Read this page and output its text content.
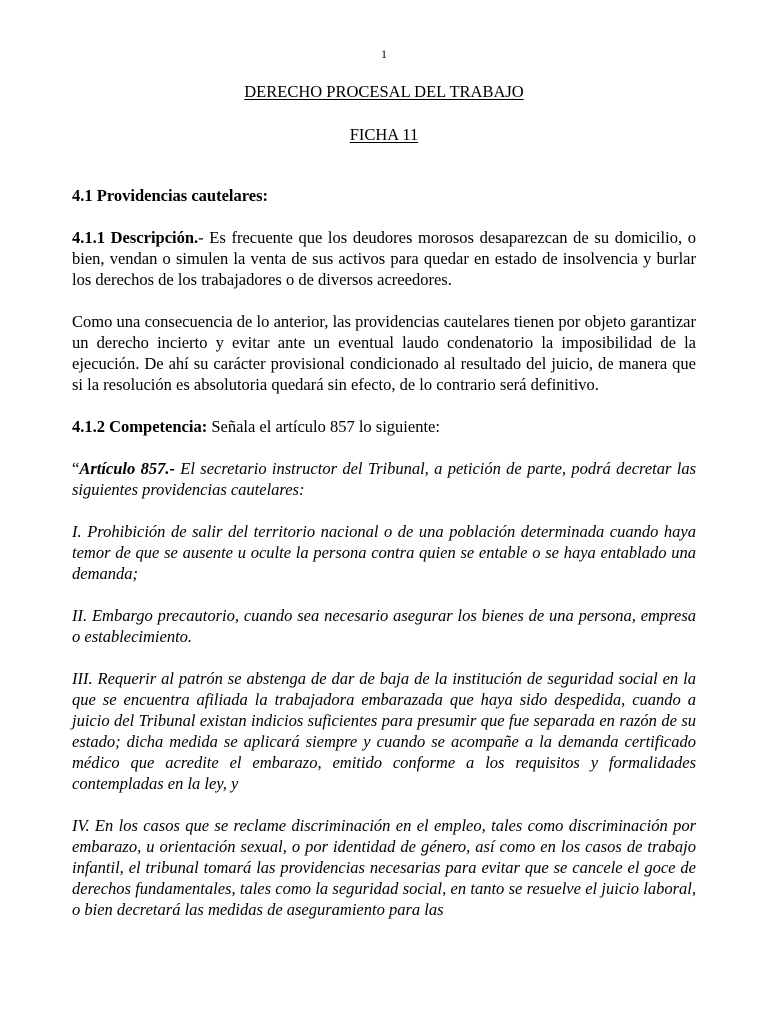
1
DERECHO PROCESAL DEL TRABAJO
FICHA 11

4.1 Providencias cautelares:

4.1.1 Descripción.- Es frecuente que los deudores morosos desaparezcan de su domicilio, o bien, vendan o simulen la venta de sus activos para quedar en estado de insolvencia y burlar los derechos de los trabajadores o de diversos acreedores.

Como una consecuencia de lo anterior, las providencias cautelares tienen por objeto garantizar un derecho incierto y evitar ante un eventual laudo condenatorio la imposibilidad de la ejecución. De ahí su carácter provisional condicionado al resultado del juicio, de manera que si la resolución es absolutoria quedará sin efecto, de lo contrario será definitivo.

4.1.2 Competencia: Señala el artículo 857 lo siguiente:

“Artículo 857.- El secretario instructor del Tribunal, a petición de parte, podrá decretar las siguientes providencias cautelares:

I. Prohibición de salir del territorio nacional o de una población determinada cuando haya temor de que se ausente u oculte la persona contra quien se entable o se haya entablado una demanda;

II. Embargo precautorio, cuando sea necesario asegurar los bienes de una persona, empresa o establecimiento.

III. Requerir al patrón se abstenga de dar de baja de la institución de seguridad social en la que se encuentra afiliada la trabajadora embarazada que haya sido despedida, cuando a juicio del Tribunal existan indicios suficientes para presumir que fue separada en razón de su estado; dicha medida se aplicará siempre y cuando se acompañe a la demanda certificado médico que acredite el embarazo, emitido conforme a los requisitos y formalidades contempladas en la ley, y

IV. En los casos que se reclame discriminación en el empleo, tales como discriminación por embarazo, u orientación sexual, o por identidad de género, así como en los casos de trabajo infantil, el tribunal tomará las providencias necesarias para evitar que se cancele el goce de derechos fundamentales, tales como la seguridad social, en tanto se resuelve el juicio laboral, o bien decretará las medidas de aseguramiento para las
